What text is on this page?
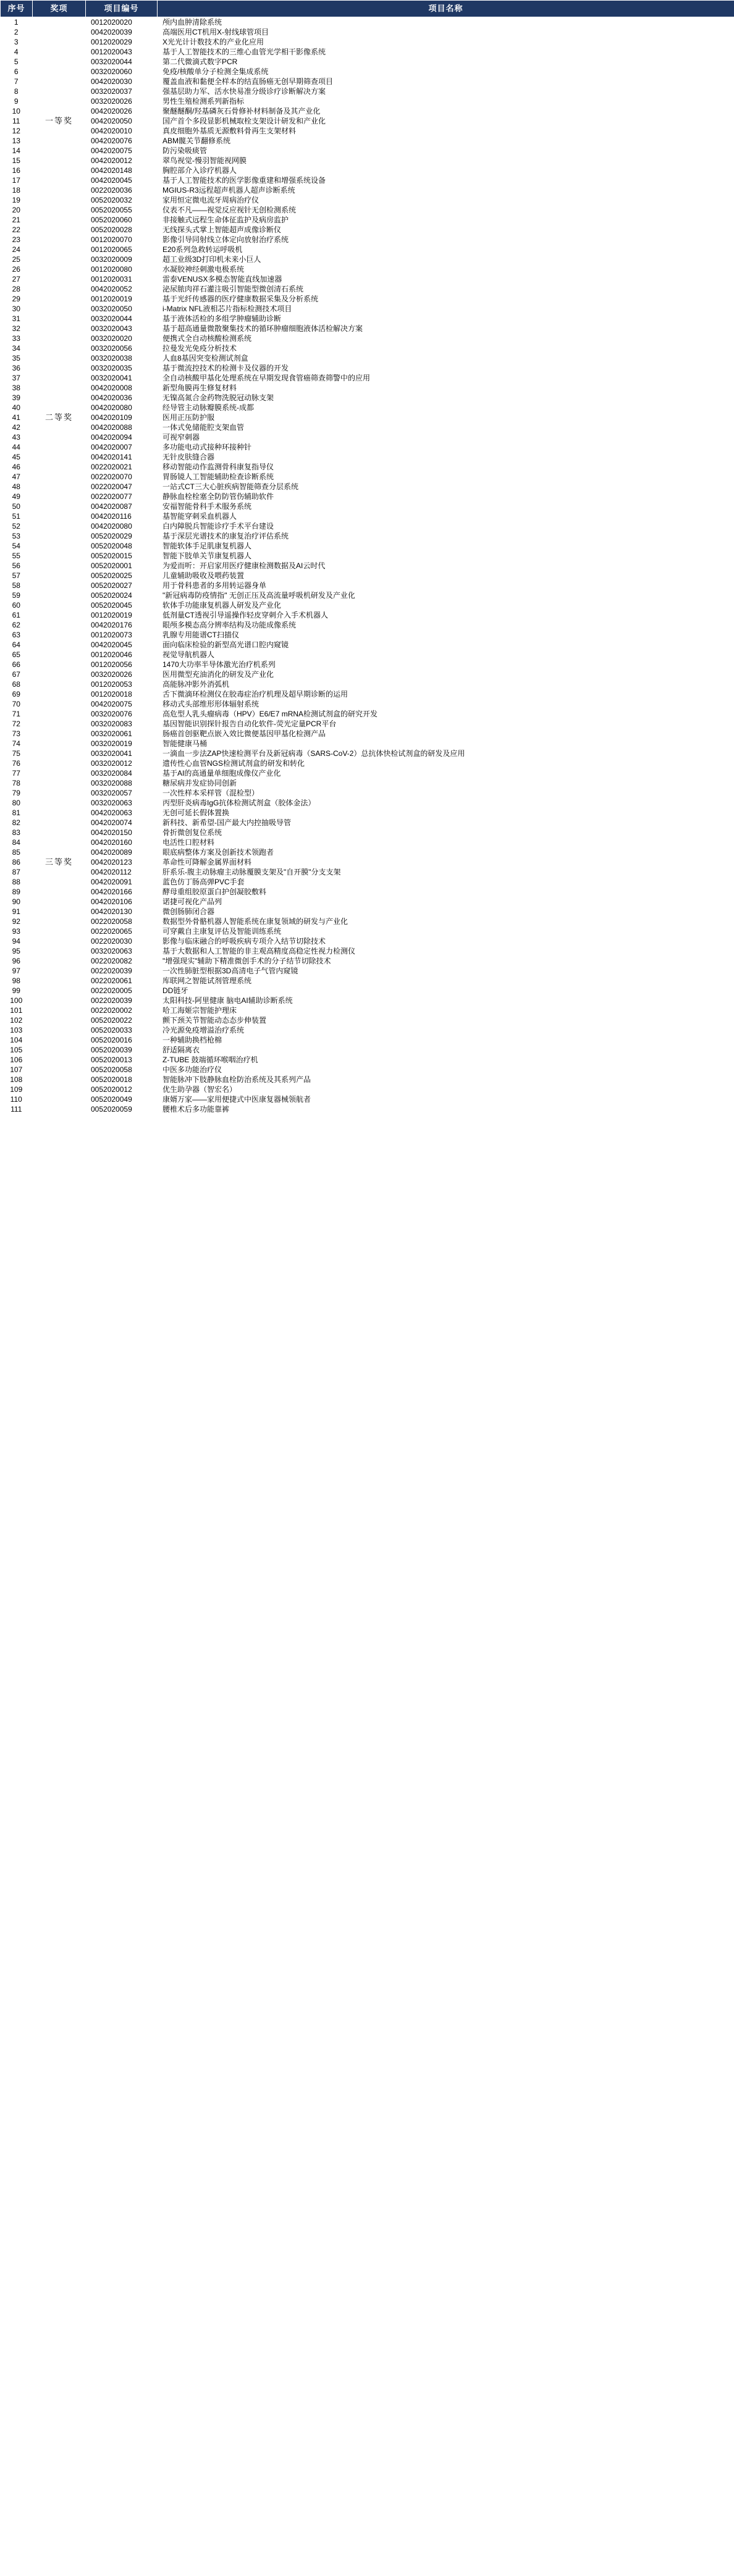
序号	奖项	项目编号	项目名称
1	一等奖	0012020020	颅内血肿清除系统
2		0042020039	高端医用CT机用X-射线球管项目
3		0012020029	X光光计计数技术的产业化应用
4		0012020043	基于人工智能技术的三维心血管光学相干影像系统
5		0032020044	第二代微滴式数字PCR
6		0032020060	免疫/核酸单分子检测全集成系统
7		0042020030	覆盖血液和黏便全样本的结直肠癌无创早期筛查项目
8		0032020037	强基层助力军、活水快易准分级诊疗诊断解决方案
9		0032020026	男性生殖检测系列新指标
10		0042020026	聚醚醚酮/羟基磷灰石骨修补材料制备及其产业化
11		0042020050	国产首个多段显影机械取栓支架设计研发和产业化
12		0042020010	真皮细胞外基质无源敷料骨再生支架材料
13		0042020076	ABM髋关节翻修系统
14		0042020075	防污染吸痰管
15		0042020012	翠鸟视觉-慢羽智能视网膜
16		0042020148	胸腔部介入诊疗机器人
17		0042020045	基于人工智能技术的医学影像重建和增强系统设备
18		0022020036	MGIUS-R3远程超声机器人超声诊断系统
19		0052020032	家用恒定微电流牙周病治疗仪
20		0052020055	仪表不凡——视觉反应视针无创检测系统
21		0052020060	非接触式远程生命体征监护及病房监护
22	二等奖	0052020028	无线探头式掌上智能超声成像诊断仪
23		0012020070	影像引导同射线立体定向放射治疗系统
24		0012020065	E20系列急救转运呼吸机
25		0032020009	超工业级3D打印机未来小巨人
26		0012020080	水凝胶神经刺激电极系统
27		0012020031	雷泰VENUSX多模态智能直线加速器
28		0042020052	泌尿脓肉祥石灌注吸引智能型微创清石系统
29		0012020019	基于光纤传感器的医疗健康数据采集及分析系统
30		0032020050	i-Matrix NFL液相芯片指标检测技术项目
31		0032020044	基于液体活检的多组学肿瘤辅助诊断
32		0032020043	基于超高通量微散聚集技术的循环肿瘤细胞液体活检解决方案
33		0032020020	便携式全自动核酸检测系统
34		0032020056	拉曼发光免疫分析技术
35		0032020038	人血8基因突变检测试剂盒
36		0032020035	基于微流控技术的检测卡及仪器的开发
37		0032020041	全自动核酸甲基化处理系统在早期发现食管癌筛查筛警中的应用
38		0042020008	新型角膜再生修复材料
39		0042020036	无镍高氮合金药物洗脱冠动脉支架
40		0042020080	经导管主动脉瓣膜系统-成都
41		0042020109	医用正压防护服
42		0042020088	一体式免储能腔支架血管
43		0042020094	可视窄刺器
44		0042020007	多功能电动式接种环接种针
45		0042020141	无针皮肤缝合器
46		0022020021	移动智能动作监测骨科康复指导仪
47		0022020070	胃肠镜人工智能辅助检查诊断系统
48		0022020047	一站式CT三大心脏疾病智能筛查分层系统
49		0022020077	静脉血栓栓塞全防防管伤辅助软件
50		0042020087	安福智能骨科手术服务系统
51		0042020116	基智能穿刺采血机器人
52		0042020080	白内障脱兵智能诊疗手术平台建设
53		0052020029	基于深层光谱技术的康复治疗评估系统
54		0052020048	智能软体手足肌康复机器人
55		0052020015	智能下肢单关节康复机器人
56		0052020001	为爱而听：开启家用医疗健康检测数据及AI云时代
57		0052020025	儿童辅助吸收及喂药装置
58		0052020027	用于骨科患者的多用转运器身单
59		0052020024	"新冠病毒防疫情指" 无创正压及高流量呼吸机研发及产业化
60		0052020045	软体手功能康复机器人研发及产业化
61	三等奖	0012020019	低剂量CT透视引导遥操作轻皮穿刺介入手术机器人
62		0042020176	眼颅多模态高分辨率结构及功能成像系统
63		0012020073	乳腺专用能谱CT扫描仪
64		0042020045	面向临床检验的新型高光谱口腔内窥镜
65		0012020046	视觉导航机器人
66		0012020056	1470大功率半导体激光治疗机系列
67		0032020026	医用微型充油消化的研发及产业化
68		0012020053	高能脉冲影外消弧机
69		0012020018	舌下微滴环检测仪在胶毒症治疗机理及超早期诊断的运用
70		0042020075	移动式头部维形形体辐射系统
71		0032020076	高危型人乳头瘤病毒（HPV）E6/E7 mRNA检测试剂盒的研究开发
72		0032020083	基因智能识别探针报告自动化软件-荧光定量PCR平台
73		0032020061	肠癌首创驱靶点嵌入效比微便基因甲基化检测产品
74		0032020019	智能健康马桶
75		0032020041	一滴血一步法ZAP快速检测平台及新冠病毒（SARS-CoV-2）总抗体快检试剂盒的研发及应用
76		0032020012	遗传性心血管NGS检测试剂盒的研发和转化
77		0032020084	基于AI的高通量单细胞成像仪产业化
78		0032020088	糖尿病并发症协同创新
79		0032020057	一次性样本采样管（混检型）
80		0032020063	丙型肝炎病毒IgG抗体检测试剂盒（胶体金法）
81		0042020063	无创可延长假体置换
82		0042020074	新科技、新希望-国产最大内控抽吸导管
83		0042020150	骨折微创复位系统
84		0042020160	电活性口腔材料
85		0042020089	眼底病整体方案及创新技术领跑者
86		0042020123	革命性可降解金属界面材料
87		0042020112	肝系乐-腹主动脉瘤主动脉覆膜支架及"自开膜"分支支架
88		0042020091	蓝色仿丁肠高弹PVC手套
89		0042020166	酵母重组胶原蛋白护创凝胶敷料
90		0042020106	诺捷可视化产品列
91		0042020130	微创肠肺闭合器
92		0022020058	数据型外骨骼机器人智能系统在康复领域的研发与产业化
93		0022020065	可穿戴自主康复评估及智能训练系统
94		0022020030	影像与临床融合的呼吸疾病专项介入结节切除技术
95		0032020063	基于大数据和人工智能的非主观高精度高稳定性视力检测仪
96		0022020082	"增强现实"辅助下精准微创手术的分子结节切除技术
97		0022020039	一次性肺脏型根据3D高清电子气管内窥镜
98		0022020061	库联网之智能试剂管理系统
99		0022020005	DD链牙
100		0022020039	太阳科技-阿里健康 脑电AI辅助诊断系统
101		0022020002	哈工海姬宗智能护理床
102		0052020022	颤下颈关节智能动态态步伸装置
103		0052020033	冷光源免疫增溢治疗系统
104		0052020016	一种辅助换档枪棉
105		0052020039	舒适隔离衣
106		0052020013	Z-TUBE 鼓端循环喉咽治疗机
107		0052020058	中医多功能治疗仪
108		0052020018	智能脉冲下肢静脉血栓防治系统及其系列产品
109		0052020012	优生助孕器（智宏名）
110		0052020049	康婿万家——家用便捷式中医康复器械领航者
111		0052020059	腰椎术后多功能靠裤
